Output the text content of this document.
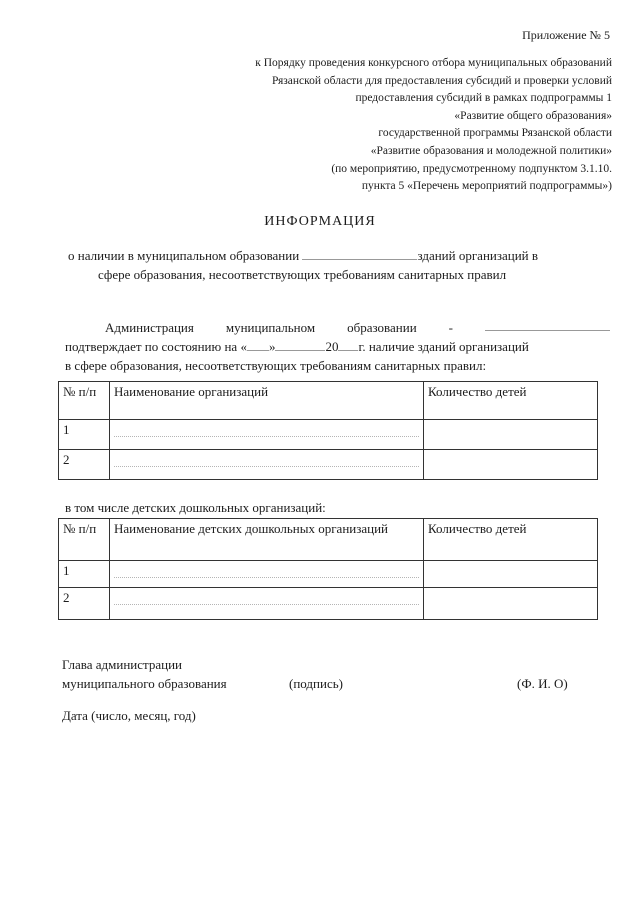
Приложение № 5
к Порядку проведения конкурсного отбора муниципальных образований
Рязанской области для предоставления субсидий и проверки условий
предоставления субсидий в рамках подпрограммы 1
«Развитие общего образования»
государственной программы Рязанской области
«Развитие образования и молодежной политики»
(по мероприятию, предусмотренному подпунктом 3.1.10.
пункта 5 «Перечень мероприятий подпрограммы»)
ИНФОРМАЦИЯ
о наличии в муниципальном образовании	зданий организаций в
сфере образования, несоответствующих требованиям санитарных правил
Администрация муниципальном образовании -
подтверждает по состоянию на « »	20 г. наличие зданий организаций
в сфере образования, несоответствующих требованиям санитарных правил:
№ п/п	Наименование организаций	Количество детей
1	

2	

в том числе детских дошкольных организаций:
№ п/п	Наименование детских дошкольных организаций	Количество детей
1	

2	

Глава администрации
муниципального образования	(подпись)	(Ф. И. О)
Дата (число, месяц, год)
